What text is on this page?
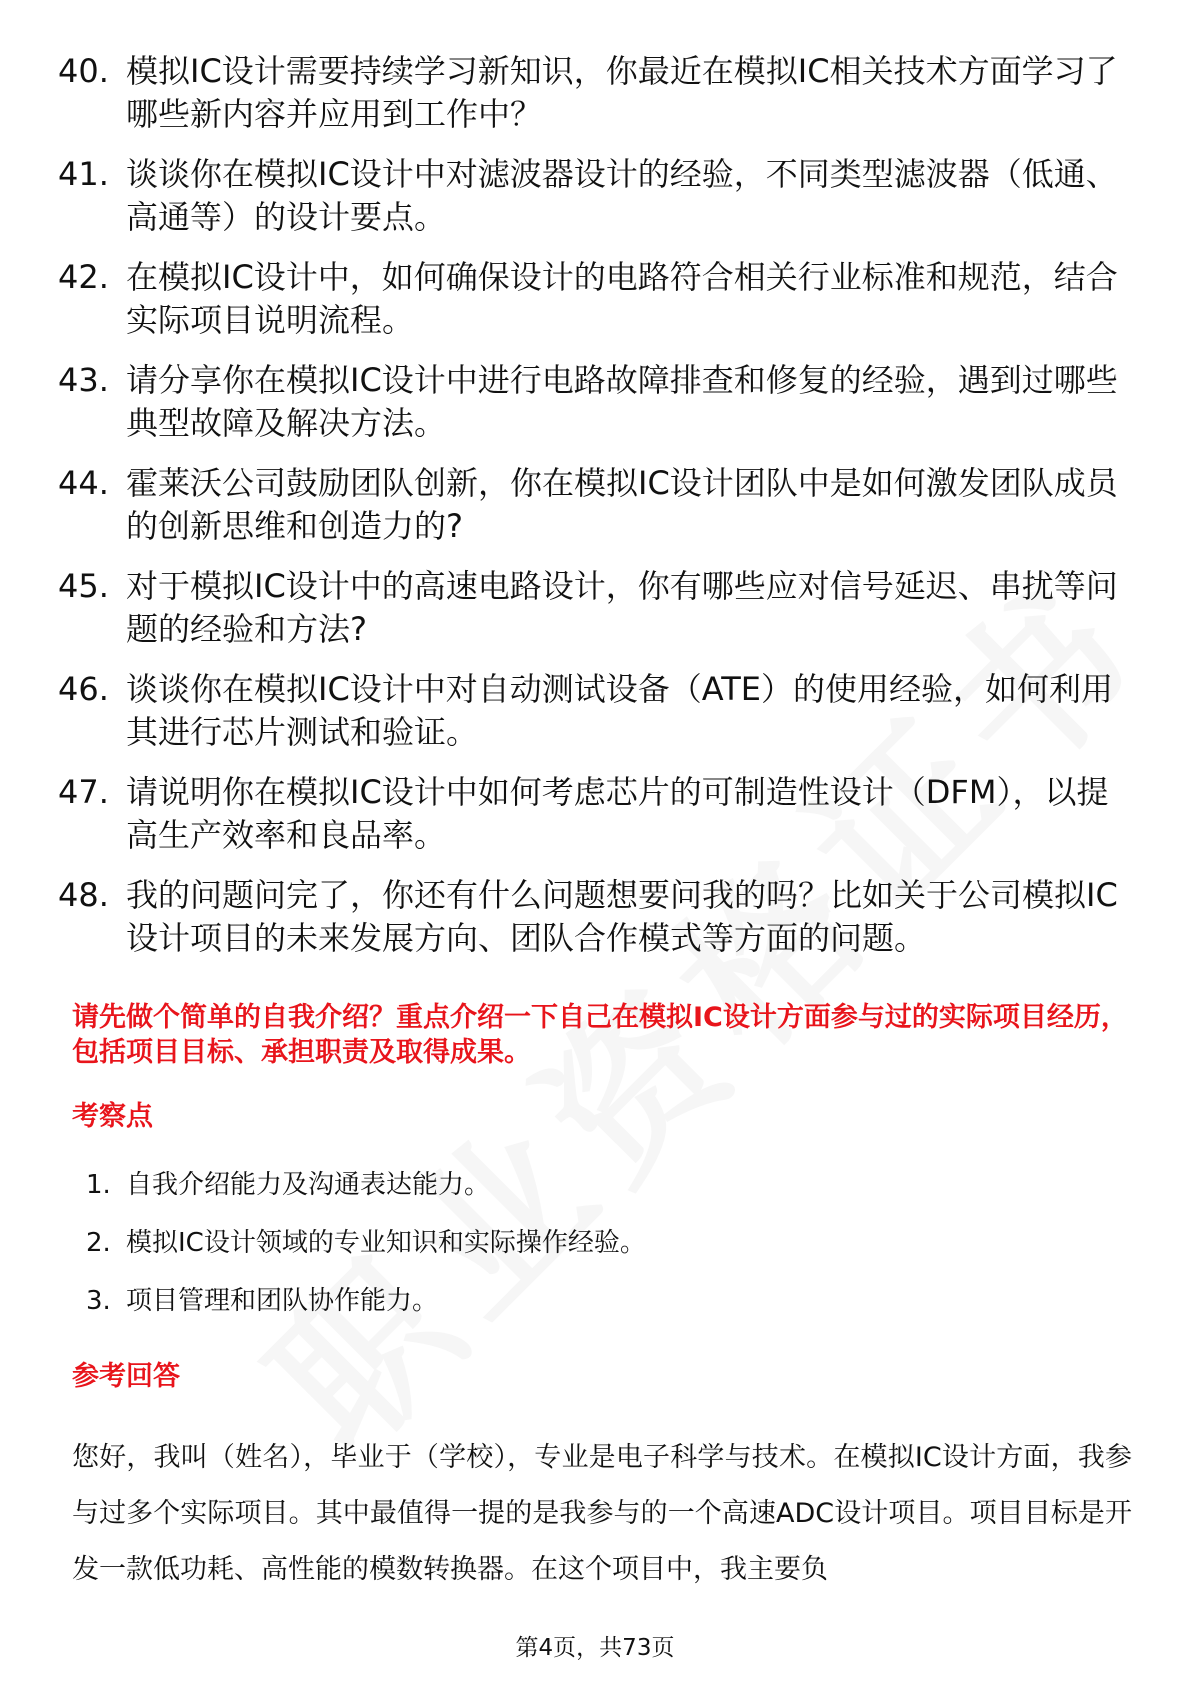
40. 模拟IC设计需要持续学习新知识，你最近在模拟IC相关技术方面学习了哪些新内容并应用到工作中？
41. 谈谈你在模拟IC设计中对滤波器设计的经验，不同类型滤波器（低通、高通等）的设计要点。
42. 在模拟IC设计中，如何确保设计的电路符合相关行业标准和规范，结合实际项目说明流程。
43. 请分享你在模拟IC设计中进行电路故障排查和修复的经验，遇到过哪些典型故障及解决方法。
44. 霍莱沃公司鼓励团队创新，你在模拟IC设计团队中是如何激发团队成员的创新思维和创造力的?
45. 对于模拟IC设计中的高速电路设计，你有哪些应对信号延迟、串扰等问题的经验和方法?
46. 谈谈你在模拟IC设计中对自动测试设备（ATE）的使用经验，如何利用其进行芯片测试和验证。
47. 请说明你在模拟IC设计中如何考虑芯片的可制造性设计（DFM），以提高生产效率和良品率。
48. 我的问题问完了，你还有什么问题想要问我的吗？比如关于公司模拟IC设计项目的未来发展方向、团队合作模式等方面的问题。
请先做个简单的自我介绍？重点介绍一下自己在模拟IC设计方面参与过的实际项目经历，包括项目目标、承担职责及取得成果。
考察点
1. 自我介绍能力及沟通表达能力。
2. 模拟IC设计领域的专业知识和实际操作经验。
3. 项目管理和团队协作能力。
参考回答
您好，我叫（姓名），毕业于（学校），专业是电子科学与技术。在模拟IC设计方面，我参与过多个实际项目。其中最值得一提的是我参与的一个高速ADC设计项目。项目目标是开发一款低功耗、高性能的模数转换器。在这个项目中，我主要负
第4页，共73页
